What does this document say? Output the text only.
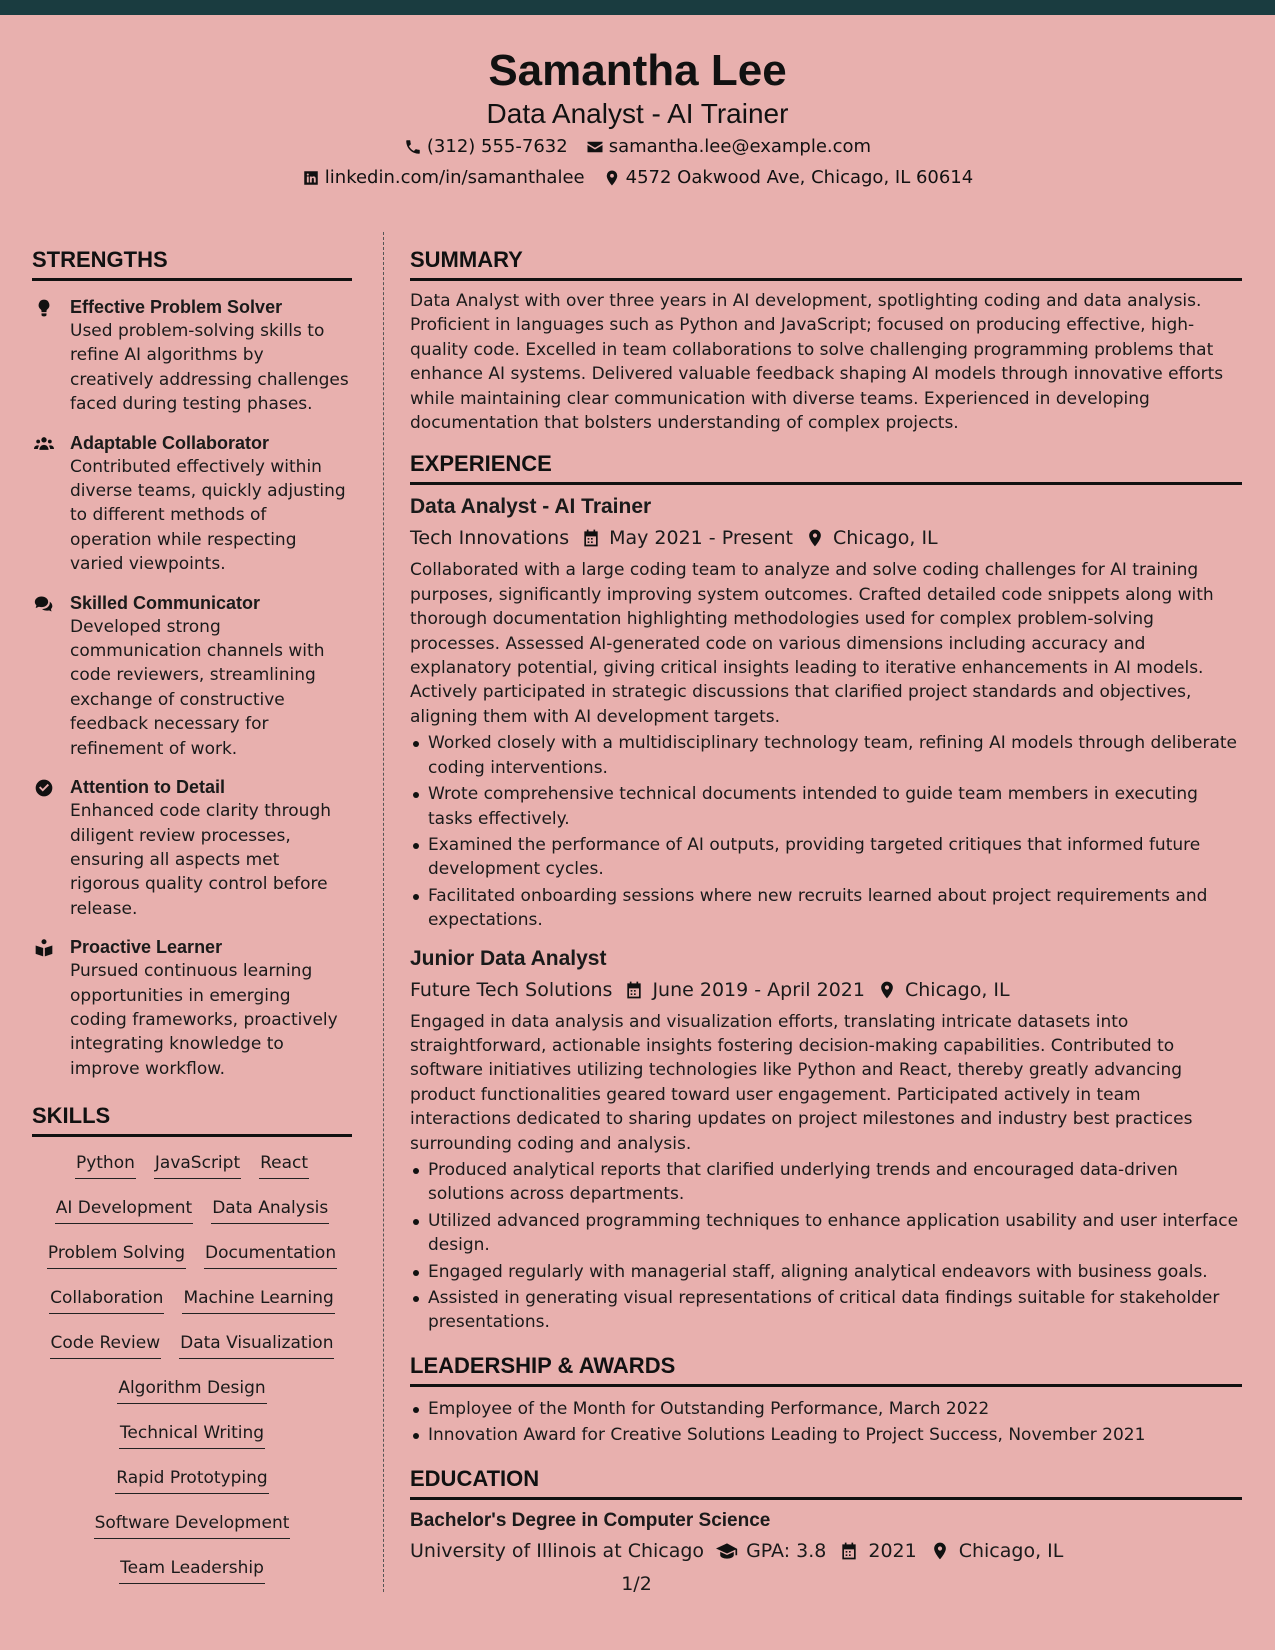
Samantha Lee
Data Analyst - AI Trainer
(312) 555-7632 samantha.lee@example.com
linkedin.com/in/samanthalee 4572 Oakwood Ave, Chicago, IL 60614
STRENGTHS
Effective Problem Solver
Used problem-solving skills to refine AI algorithms by creatively addressing challenges faced during testing phases.
Adaptable Collaborator
Contributed effectively within diverse teams, quickly adjusting to different methods of operation while respecting varied viewpoints.
Skilled Communicator
Developed strong communication channels with code reviewers, streamlining exchange of constructive feedback necessary for refinement of work.
Attention to Detail
Enhanced code clarity through diligent review processes, ensuring all aspects met rigorous quality control before release.
Proactive Learner
Pursued continuous learning opportunities in emerging coding frameworks, proactively integrating knowledge to improve workflow.
SKILLS
Python JavaScript React
AI Development Data Analysis
Problem Solving Documentation
Collaboration Machine Learning
Code Review Data Visualization
Algorithm Design
Technical Writing
Rapid Prototyping
Software Development
Team Leadership
SUMMARY
Data Analyst with over three years in AI development, spotlighting coding and data analysis. Proficient in languages such as Python and JavaScript; focused on producing effective, high-quality code. Excelled in team collaborations to solve challenging programming problems that enhance AI systems. Delivered valuable feedback shaping AI models through innovative efforts while maintaining clear communication with diverse teams. Experienced in developing documentation that bolsters understanding of complex projects.
EXPERIENCE
Data Analyst - AI Trainer
Tech Innovations May 2021 - Present Chicago, IL
Collaborated with a large coding team to analyze and solve coding challenges for AI training purposes, significantly improving system outcomes. Crafted detailed code snippets along with thorough documentation highlighting methodologies used for complex problem-solving processes. Assessed AI-generated code on various dimensions including accuracy and explanatory potential, giving critical insights leading to iterative enhancements in AI models. Actively participated in strategic discussions that clarified project standards and objectives, aligning them with AI development targets.
Worked closely with a multidisciplinary technology team, refining AI models through deliberate coding interventions.
Wrote comprehensive technical documents intended to guide team members in executing tasks effectively.
Examined the performance of AI outputs, providing targeted critiques that informed future development cycles.
Facilitated onboarding sessions where new recruits learned about project requirements and expectations.
Junior Data Analyst
Future Tech Solutions June 2019 - April 2021 Chicago, IL
Engaged in data analysis and visualization efforts, translating intricate datasets into straightforward, actionable insights fostering decision-making capabilities. Contributed to software initiatives utilizing technologies like Python and React, thereby greatly advancing product functionalities geared toward user engagement. Participated actively in team interactions dedicated to sharing updates on project milestones and industry best practices surrounding coding and analysis.
Produced analytical reports that clarified underlying trends and encouraged data-driven solutions across departments.
Utilized advanced programming techniques to enhance application usability and user interface design.
Engaged regularly with managerial staff, aligning analytical endeavors with business goals.
Assisted in generating visual representations of critical data findings suitable for stakeholder presentations.
LEADERSHIP & AWARDS
Employee of the Month for Outstanding Performance, March 2022
Innovation Award for Creative Solutions Leading to Project Success, November 2021
EDUCATION
Bachelor's Degree in Computer Science
University of Illinois at Chicago GPA: 3.8 2021 Chicago, IL
1/2
